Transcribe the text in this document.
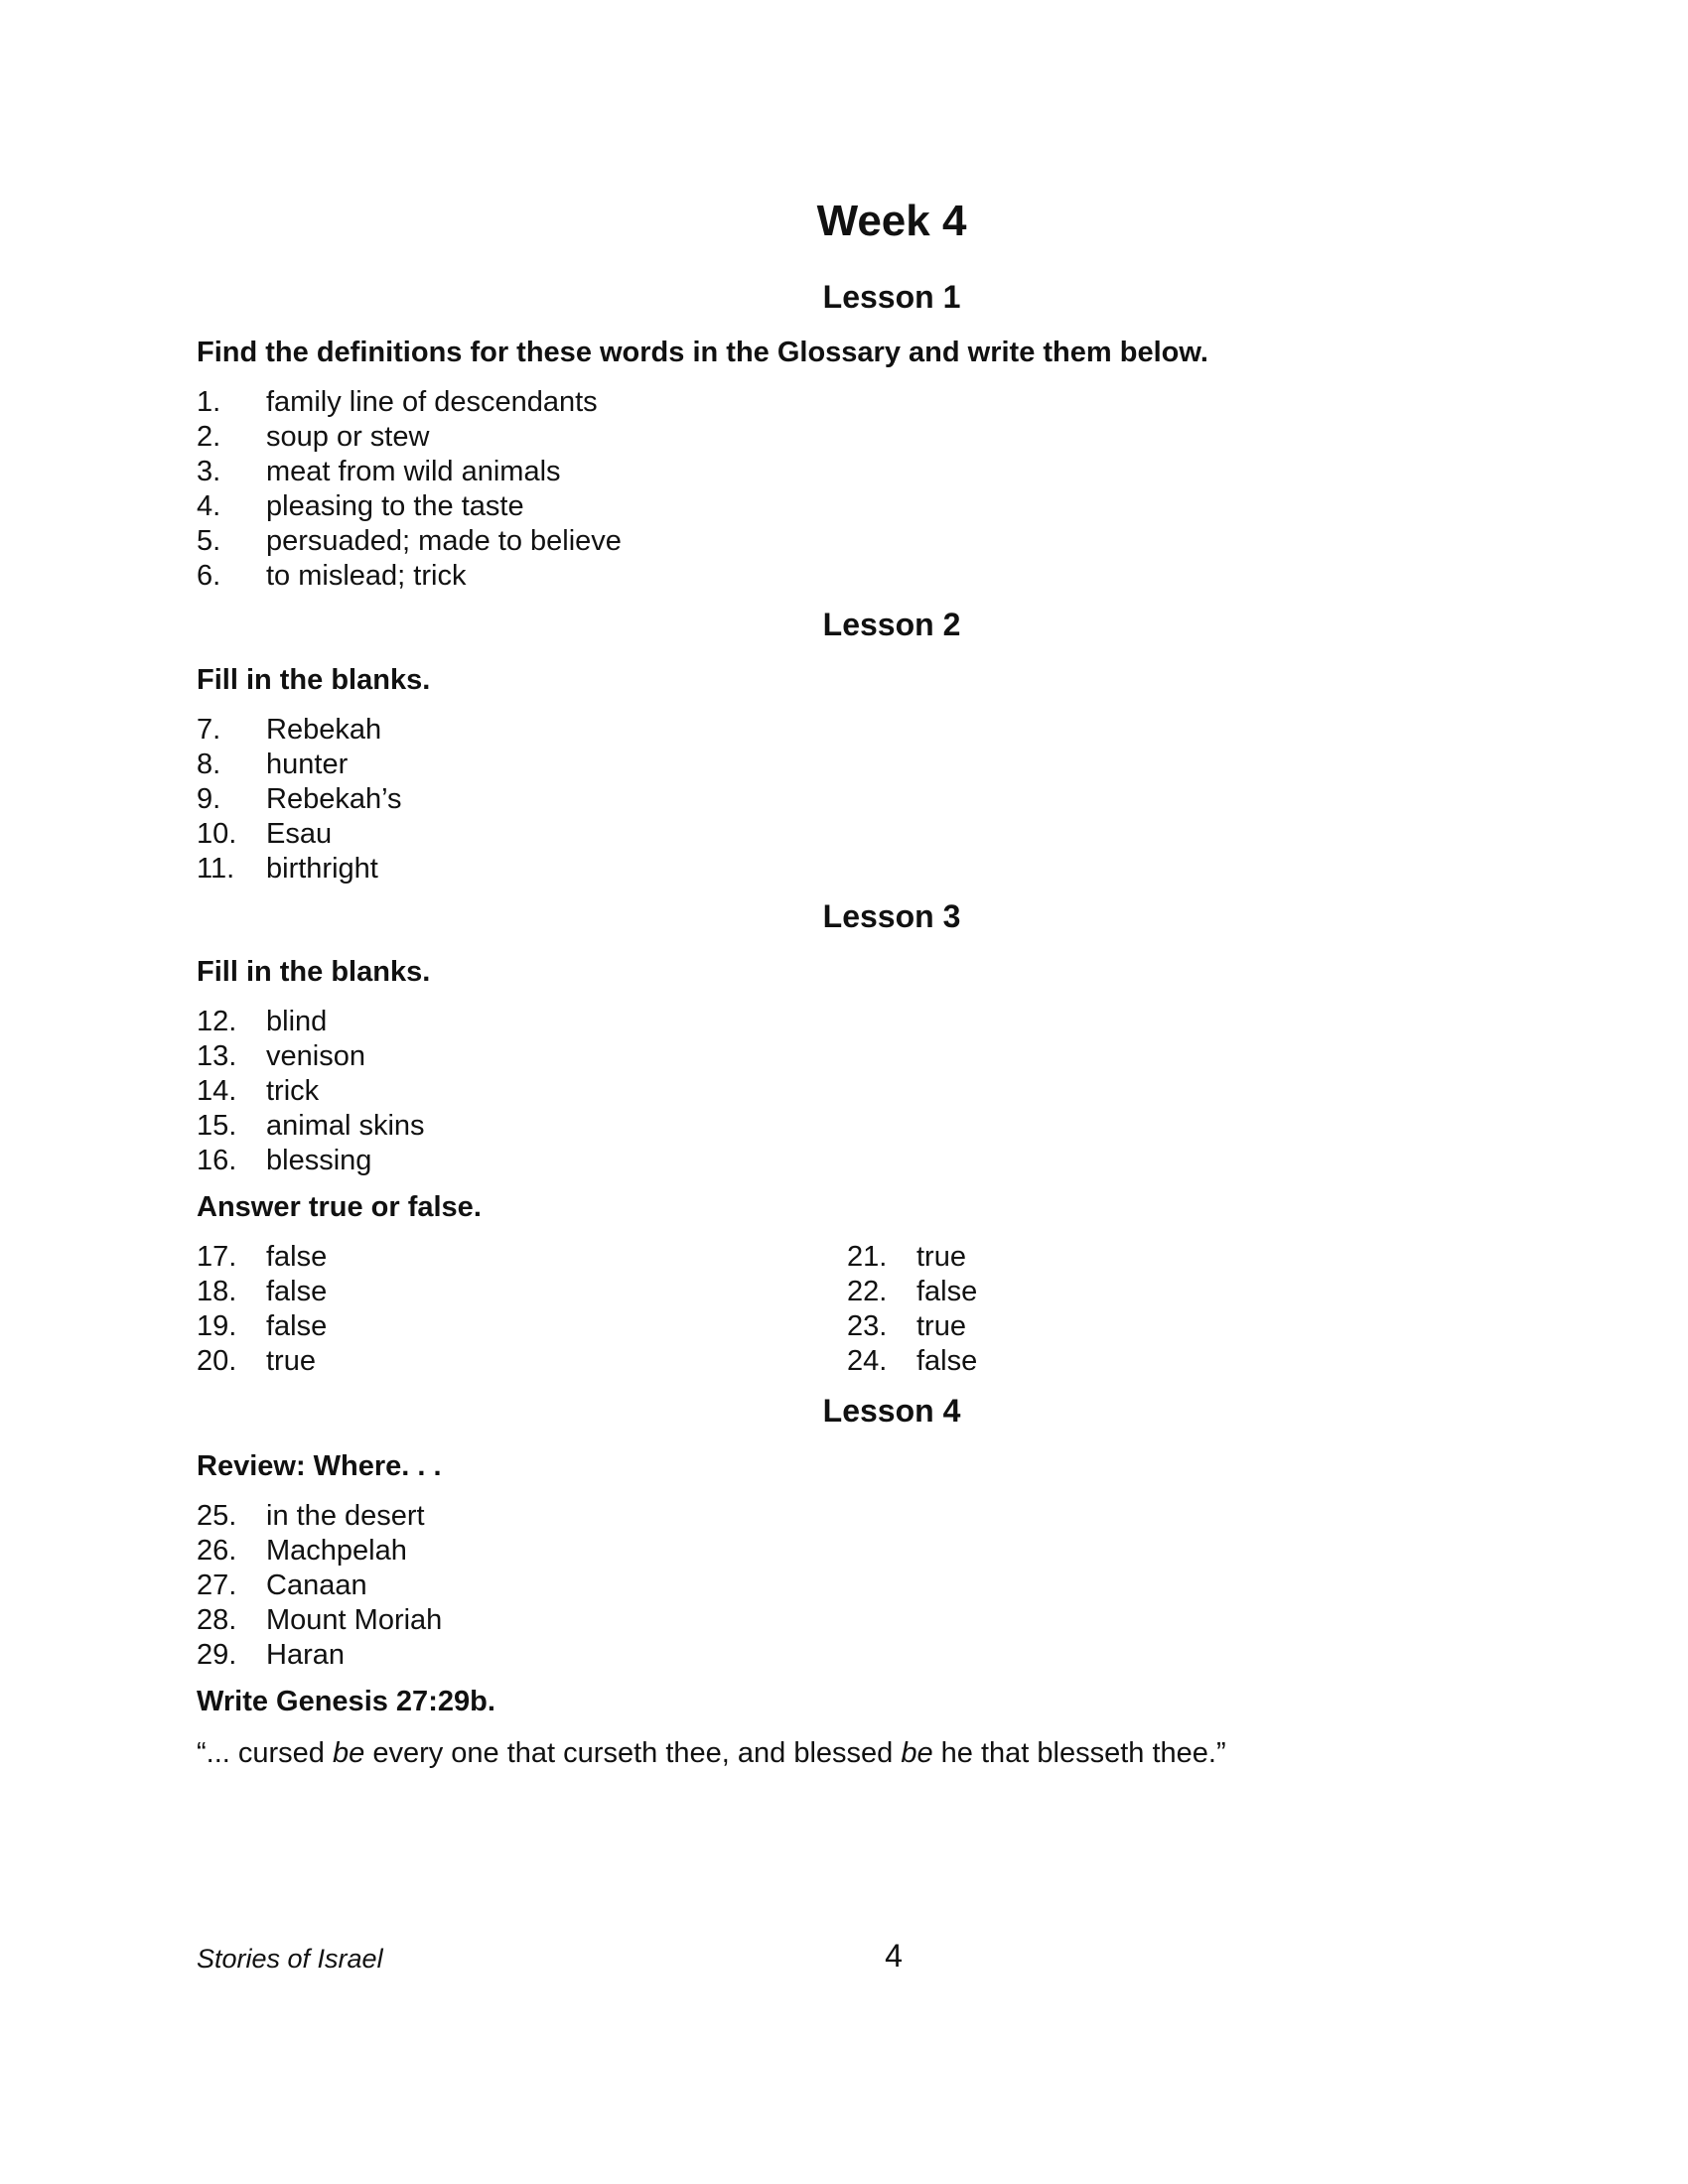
Week 4
Lesson 1

Find the definitions for these words in the Glossary and write them below.

1.	family line of descendants
2.	soup or stew
3.	meat from wild animals
4.	pleasing to the taste
5.	persuaded; made to believe
6.	to mislead; trick
Lesson 2

Fill in the blanks.

7.	Rebekah
8.	hunter
9.	Rebekah’s
10.	Esau
11.	birthright
Lesson 3

Fill in the blanks.

12.	blind
13.	venison
14.	trick
15.	animal skins
16.	blessing

Answer true or false.

17.	false
18.	false
19.	false
20.	true
21.	true
22.	false
23.	true
24.	false
Lesson 4

Review: Where. . .

25.	in the desert
26.	Machpelah
27.	Canaan
28.	Mount Moriah
29.	Haran

Write Genesis 27:29b.

“... cursed be every one that curseth thee, and blessed be he that blesseth thee.”

Stories of Israel	4
